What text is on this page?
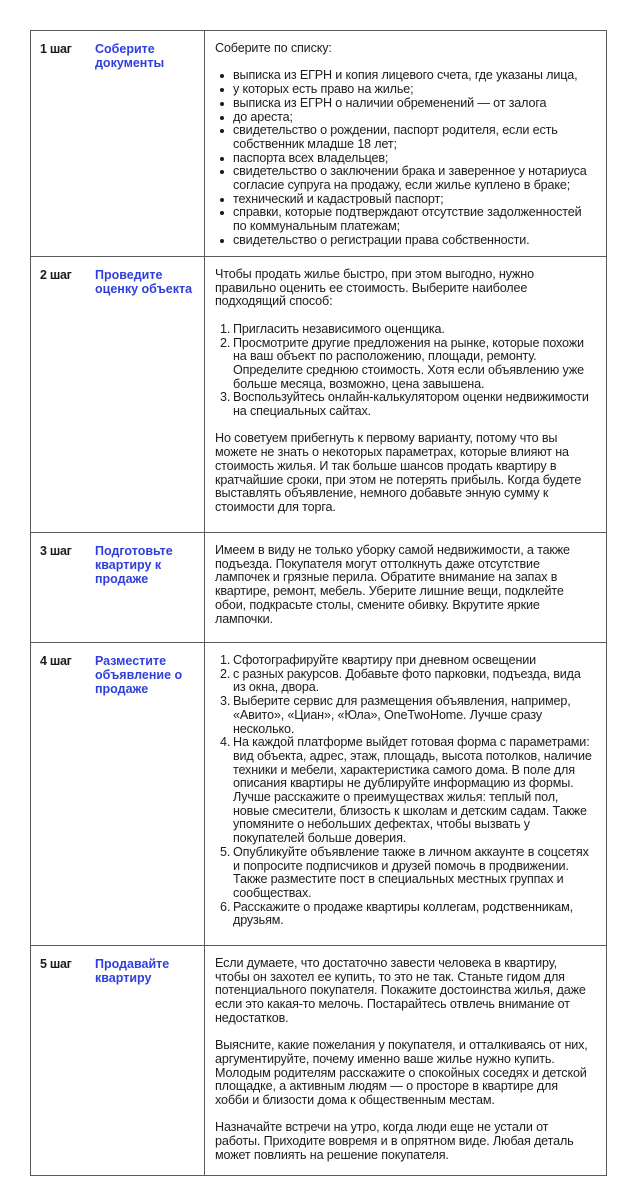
1 шаг	Соберите документы
Соберите по списку:
выписка из ЕГРН и копия лицевого счета, где указаны лица,
у которых есть право на жилье;
выписка из ЕГРН о наличии обременений — от залога
до ареста;
свидетельство о рождении, паспорт родителя, если есть собственник младше 18 лет;
паспорта всех владельцев;
свидетельство о заключении брака и заверенное у нотариуса согласие супруга на продажу, если жилье куплено в браке;
технический и кадастровый паспорт;
справки, которые подтверждают отсутствие задолженностей по коммунальным платежам;
свидетельство о регистрации права собственности.
2 шаг	Проведите оценку объекта

Чтобы продать жилье быстро, при этом выгодно, нужно правильно оценить ее стоимость. Выберите наиболее подходящий способ:

1. Пригласить независимого оценщика.
2. Просмотрите другие предложения на рынке, которые похожи на ваш объект по расположению, площади, ремонту. Определите среднюю стоимость. Хотя если объявлению уже больше месяца, возможно, цена завышена.
3. Воспользуйтесь онлайн-калькулятором оценки недвижимости на специальных сайтах.

Но советуем прибегнуть к первому варианту, потому что вы можете не знать о некоторых параметрах, которые влияют на стоимость жилья. И так больше шансов продать квартиру в кратчайшие сроки, при этом не потерять прибыль. Когда будете выставлять объявление, немного добавьте энную сумму к стоимости для торга.

3 шаг	Подготовьте квартиру к продаже

Имеем в виду не только уборку самой недвижимости, а также подъезда. Покупателя могут оттолкнуть даже отсутствие лампочек и грязные перила. Обратите внимание на запах в квартире, ремонт, мебель. Уберите лишние вещи, подклейте обои, подкрасьте столы, смените обивку. Вкрутите яркие лампочки.

4 шаг	Разместите объявление о продаже
1. Сфотографируйте квартиру при дневном освещении
2. с разных ракурсов. Добавьте фото парковки, подъезда, вида из окна, двора.
3. Выберите сервис для размещения объявления, например, «Авито», «Циан», «Юла», OneTwoHome. Лучше сразу несколько.
4. На каждой платформе выйдет готовая форма с параметрами: вид объекта, адрес, этаж, площадь, высота потолков, наличие техники и мебели, характеристика самого дома. В поле для описания квартиры не дублируйте информацию из формы. Лучше расскажите о преимуществах жилья: теплый пол, новые смесители, близость к школам и детским садам. Также упомяните о небольших дефектах, чтобы вызвать у покупателей больше доверия.
5. Опубликуйте объявление также в личном аккаунте в соцсетях и попросите подписчиков и друзей помочь в продвижении. Также разместите пост в специальных местных группах и сообществах.
6. Расскажите о продаже квартиры коллегам, родственникам, друзьям.
5 шаг	Продавайте квартиру

Если думаете, что достаточно завести человека в квартиру, чтобы он захотел ее купить, то это не так. Станьте гидом для потенциального покупателя. Покажите достоинства жилья, даже если это какая-то мелочь. Постарайтесь отвлечь внимание от недостатков.

Выясните, какие пожелания у покупателя, и отталкиваясь от них, аргументируйте, почему именно ваше жилье нужно купить. Молодым родителям расскажите о спокойных соседях и детской площадке, а активным людям — о просторе в квартире для хобби и близости дома к общественным местам.

Назначайте встречи на утро, когда люди еще не устали от работы. Приходите вовремя и в опрятном виде. Любая деталь может повлиять на решение покупателя.
